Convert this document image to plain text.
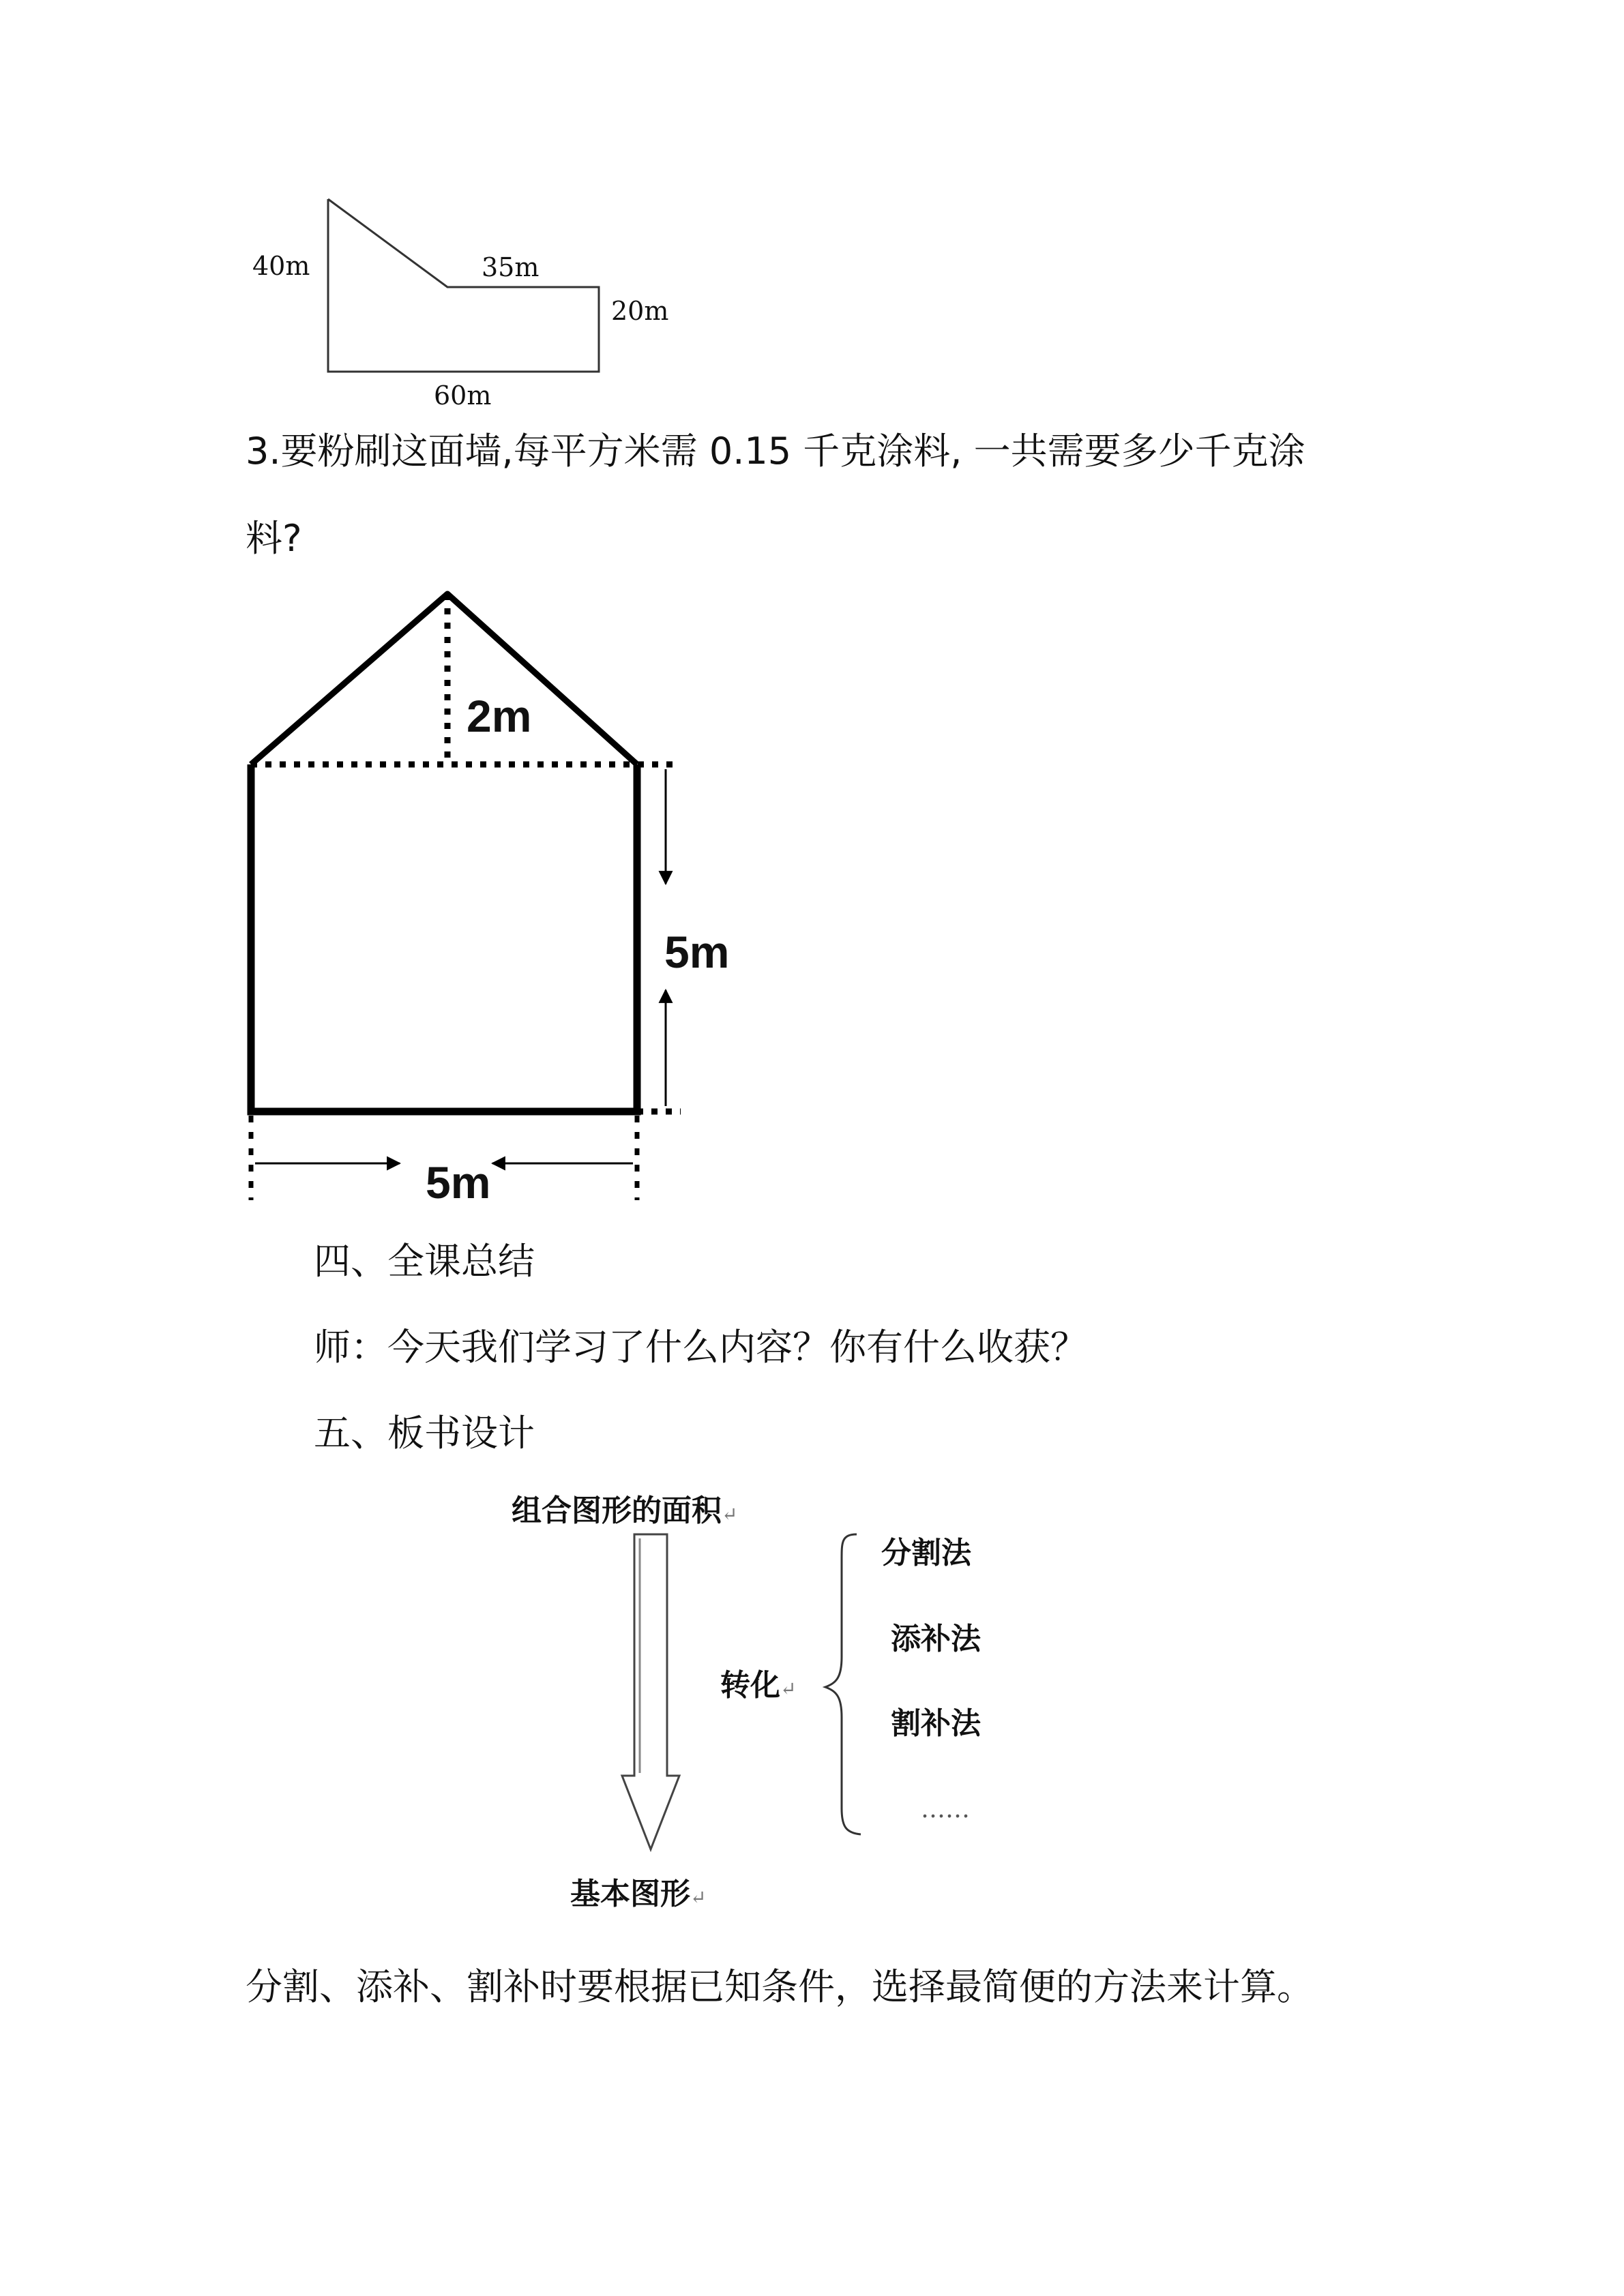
40m	35m
20m
60m
3.要粉刷这面墙,每平方米需 0.15 千克涂料, 一共需要多少千克涂
料?
2m
5m
5m
四、全课总结
师：今天我们学习了什么内容？你有什么收获？
五、板书设计
组合图形的面积↵
分割法
添补法
转化↵
割补法
……
基本图形↵
分割、添补、割补时要根据已知条件，选择最简便的方法来计算。
